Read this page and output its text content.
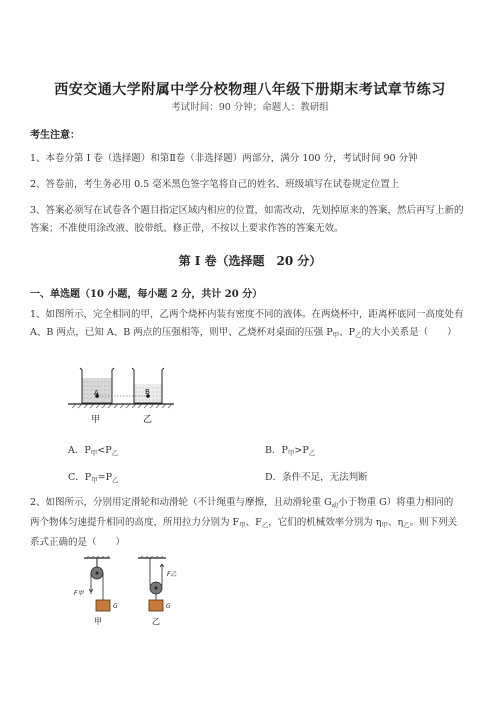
西安交通大学附属中学分校物理八年级下册期末考试章节练习
考试时间：90 分钟；命题人：教研组
考生注意：
1、本卷分第 I 卷（选择题）和第Ⅱ卷（非选择题）两部分，满分 100 分，考试时间 90 分钟
2、答卷前，考生务必用 0.5 毫米黑色签字笔将自己的姓名、班级填写在试卷规定位置上
3、答案必须写在试卷各个题目指定区域内相应的位置，如需改动，先划掉原来的答案，然后再写上新的答案；不准使用涂改液、胶带纸、修正带，不按以上要求作答的答案无效。
第 I 卷（选择题　20 分）
一、单选题（10 小题，每小题 2 分，共计 20 分）
1、如图所示，完全相同的甲，乙两个烧杯内装有密度不同的液体。在两烧杯中，距离杯底同一高度处有 A、B 两点，已知 A、B 两点的压强相等，则甲、乙烧杯对桌面的压强 $P_甲$、$P_乙$的大小关系是（　　）
A	B
甲	乙
A．$P_甲<P_乙$	B．$P_甲>P_乙$
C．$P_甲=P_乙$	D．条件不足，无法判断
2、如图所示，分别用定滑轮和动滑轮（不计绳重与摩擦，且动滑轮重 $G_动$小于物重 G）将重力相同的
两个物体匀速提升相同的高度，所用拉力分别为 $F_甲$、$F_乙$，它们的机械效率分别为 $\eta_甲$、$\eta_乙$。则下列关
系式正确的是（　　）
F甲
G
甲
F乙
G
乙
